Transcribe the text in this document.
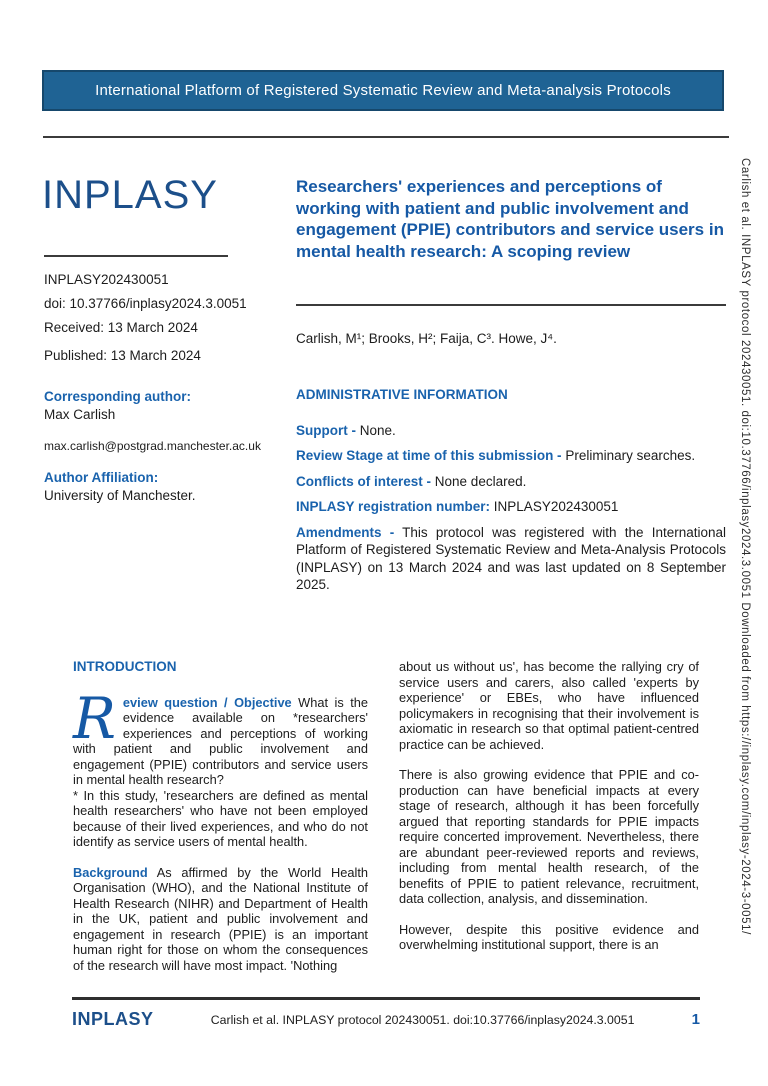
International Platform of Registered Systematic Review and Meta-analysis Protocols
INPLASY

INPLASY202430051

doi: 10.37766/inplasy2024.3.0051

Received: 13 March 2024

Published: 13 March 2024

Researchers' experiences and perceptions of working with patient and public involvement and engagement (PPIE) contributors and service users in mental health research: A scoping review

Carlish, M¹; Brooks, H²; Faija, C³. Howe, J⁴.

Corresponding author:

Max Carlish

max.carlish@postgrad.manchester.ac.uk

Author Affiliation:

University of Manchester.

ADMINISTRATIVE INFORMATION

Support - None.

Review Stage at time of this submission - Preliminary searches.

Conflicts of interest - None declared.

INPLASY registration number: INPLASY202430051

Amendments - This protocol was registered with the International Platform of Registered Systematic Review and Meta-Analysis Protocols (INPLASY) on 13 March 2024 and was last updated on 8 September 2025.

INTRODUCTION

Review question / Objective What is the evidence available on *researchers' experiences and perceptions of working with patient and public involvement and engagement (PPIE) contributors and service users in mental health research?

* In this study, 'researchers are defined as mental health researchers' who have not been employed because of their lived experiences, and who do not identify as service users of mental health.

Background As affirmed by the World Health Organisation (WHO), and the National Institute of Health Research (NIHR) and Department of Health in the UK, patient and public involvement and engagement in research (PPIE) is an important human right for those on whom the consequences of the research will have most impact. 'Nothing

about us without us', has become the rallying cry of service users and carers, also called 'experts by experience' or EBEs, who have influenced policymakers in recognising that their involvement is axiomatic in research so that optimal patient-centred practice can be achieved.

There is also growing evidence that PPIE and co-production can have beneficial impacts at every stage of research, although it has been forcefully argued that reporting standards for PPIE impacts require concerted improvement. Nevertheless, there are abundant peer-reviewed reports and reviews, including from mental health research, of the benefits of PPIE to patient relevance, recruitment, data collection, analysis, and dissemination.

However, despite this positive evidence and overwhelming institutional support, there is an

Carlish et al. INPLASY protocol 202430051. doi:10.37766/inplasy2024.3.0051 Downloaded from https://inplasy.com/inplasy-2024-3-0051/
INPLASY	Carlish et al. INPLASY protocol 202430051. doi:10.37766/inplasy2024.3.0051	1
